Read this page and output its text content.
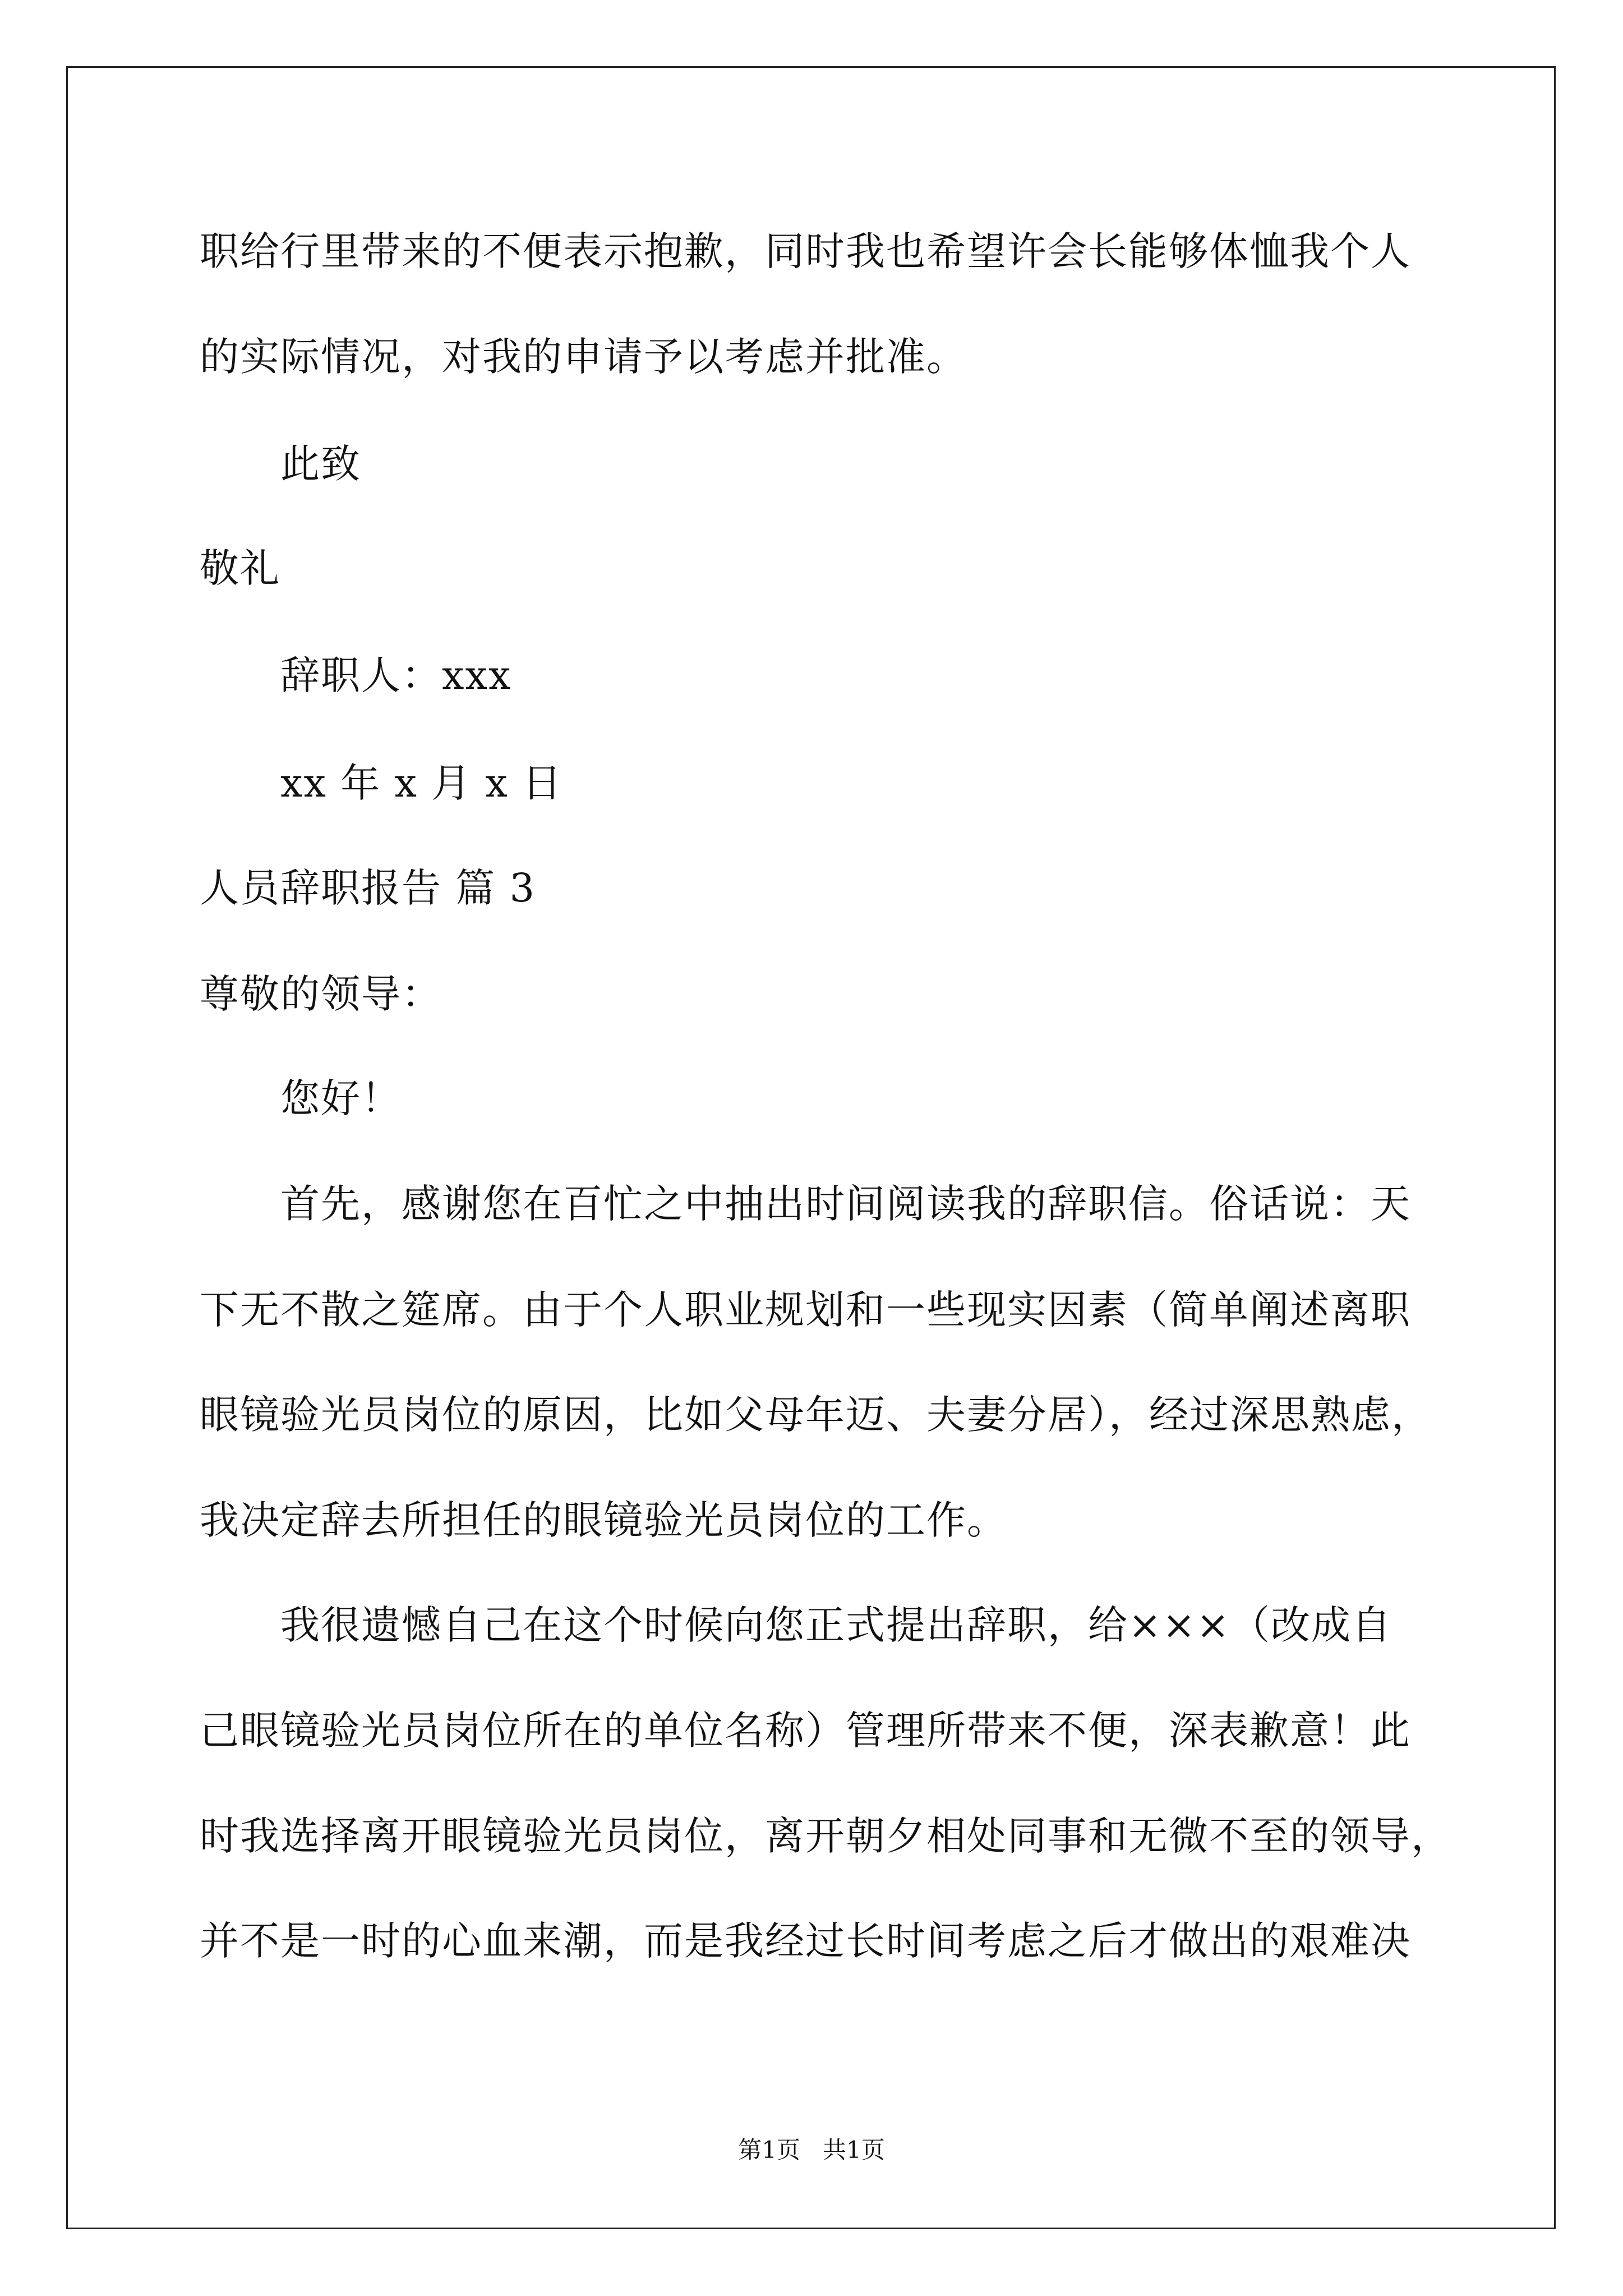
职给行里带来的不便表示抱歉，同时我也希望许会长能够体恤我个人
的实际情况，对我的申请予以考虑并批准。
此致
敬礼
辞职人：xxx
xx 年 x 月 x 日
人员辞职报告 篇 3
尊敬的领导：
您好！
首先，感谢您在百忙之中抽出时间阅读我的辞职信。俗话说：天
下无不散之筵席。由于个人职业规划和一些现实因素（简单阐述离职
眼镜验光员岗位的原因，比如父母年迈、夫妻分居），经过深思熟虑，
我决定辞去所担任的眼镜验光员岗位的工作。
我很遗憾自己在这个时候向您正式提出辞职，给×××（改成自
己眼镜验光员岗位所在的单位名称）管理所带来不便，深表歉意！此
时我选择离开眼镜验光员岗位，离开朝夕相处同事和无微不至的领导，
并不是一时的心血来潮，而是我经过长时间考虑之后才做出的艰难决
第1页   共1页
